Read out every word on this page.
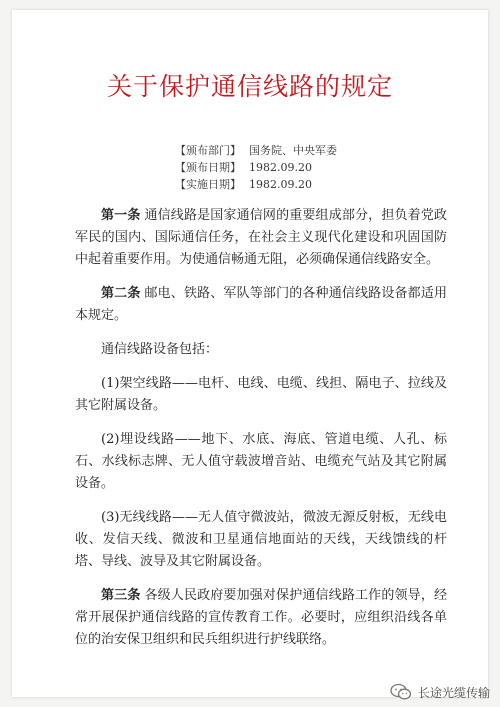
关于保护通信线路的规定
【颁布部门】 国务院、中央军委
【颁布日期】 1982.09.20
【实施日期】 1982.09.20

第一条 通信线路是国家通信网的重要组成部分，担负着党政军民的国内、国际通信任务，在社会主义现代化建设和巩固国防中起着重要作用。为使通信畅通无阻，必须确保通信线路安全。

第二条 邮电、铁路、军队等部门的各种通信线路设备都适用本规定。

通信线路设备包括：

(1)架空线路——电杆、电线、电缆、线担、隔电子、拉线及其它附属设备。

(2)埋设线路——地下、水底、海底、管道电缆、人孔、标石、水线标志牌、无人值守载波增音站、电缆充气站及其它附属设备。

(3)无线线路——无人值守微波站，微波无源反射板，无线电收、发信天线、微波和卫星通信地面站的天线，天线馈线的杆塔、导线、波导及其它附属设备。

第三条 各级人民政府要加强对保护通信线路工作的领导，经常开展保护通信线路的宣传教育工作。必要时，应组织沿线各单位的治安保卫组织和民兵组织进行护线联络。

长途光缆传输
